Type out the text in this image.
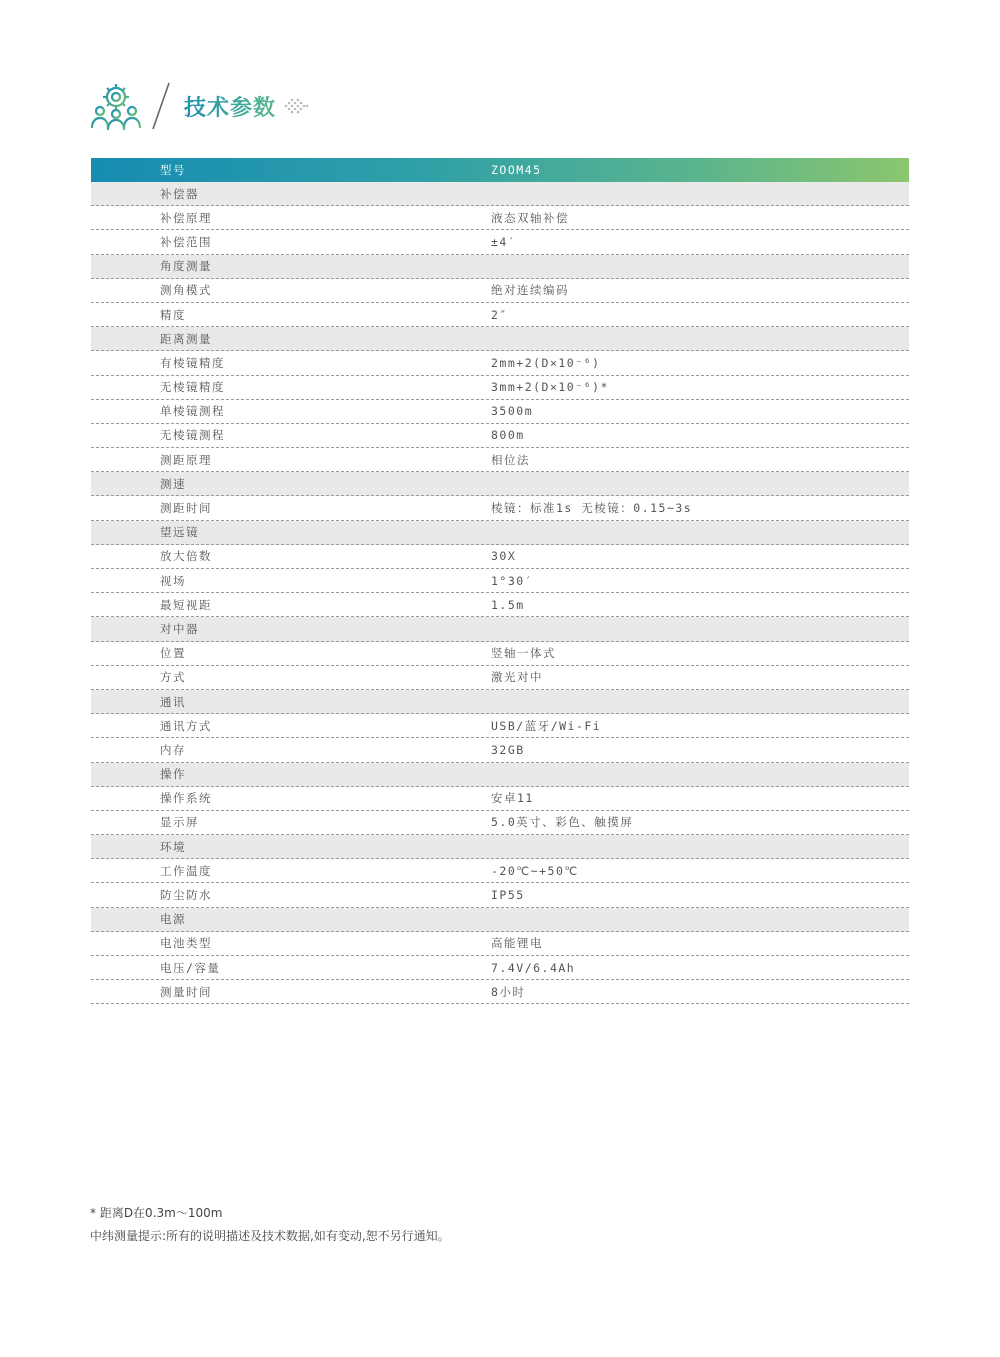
技术参数
型号	ZOOM45
补偿器
补偿原理	液态双轴补偿
补偿范围	±4′
角度测量
测角模式	绝对连续编码
精度	2″
距离测量
有棱镜精度	2mm+2(D×10⁻⁶)
无棱镜精度	3mm+2(D×10⁻⁶)*
单棱镜测程	3500m
无棱镜测程	800m
测距原理	相位法
测速
测距时间	棱镜：标准1s 无棱镜：0.15~3s
望远镜
放大倍数	30X
视场	1°30′
最短视距	1.5m
对中器
位置	竖轴一体式
方式	激光对中
通讯
通讯方式	USB/蓝牙/Wi-Fi
内存	32GB
操作
操作系统	安卓11
显示屏	5.0英寸、彩色、触摸屏
环境
工作温度	-20℃~+50℃
防尘防水	IP55
电源
电池类型	高能锂电
电压/容量	7.4V/6.4Ah
测量时间	8小时
* 距离D在0.3m～100m
中纬测量提示:所有的说明描述及技术数据,如有变动,恕不另行通知。
